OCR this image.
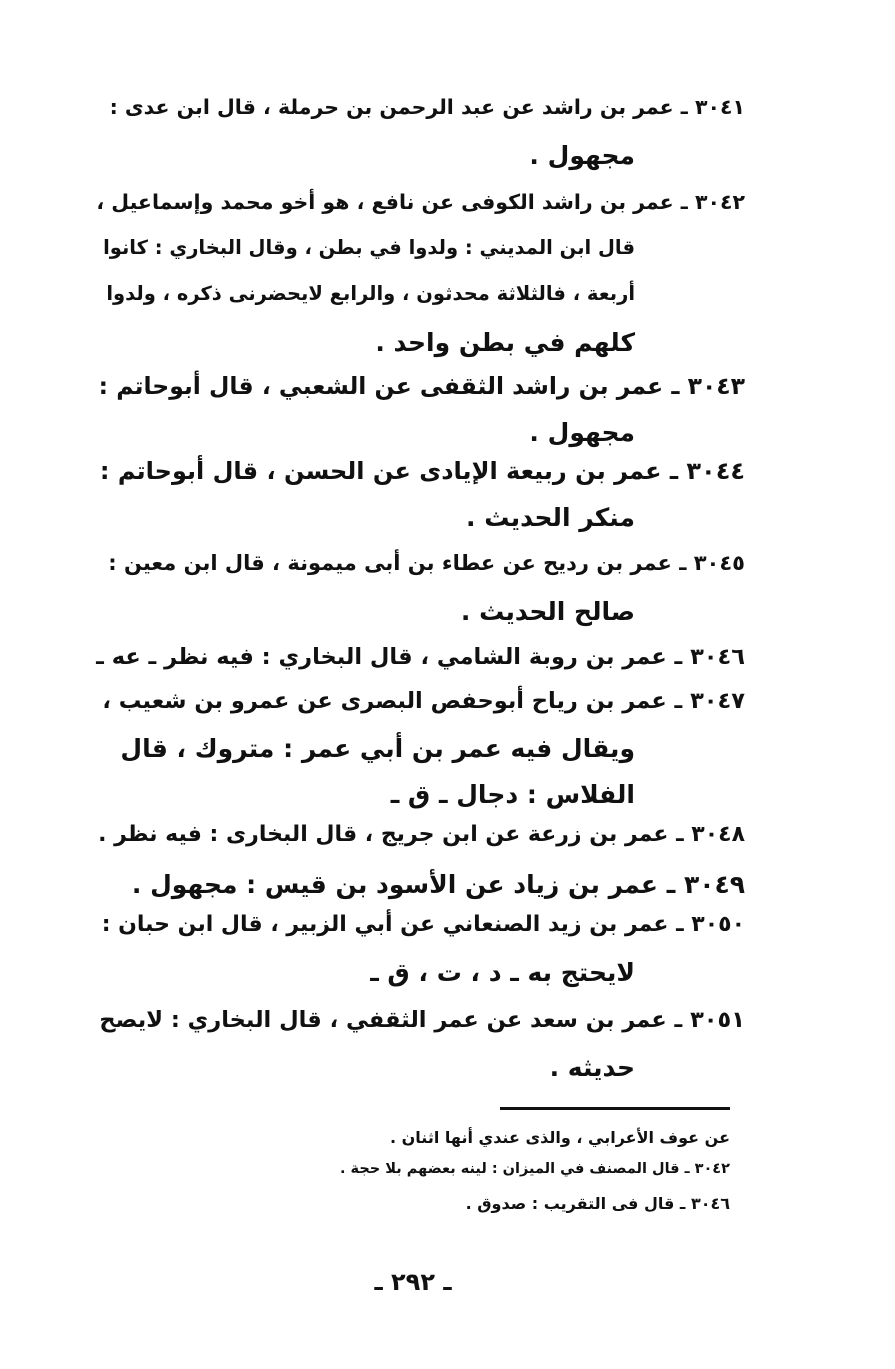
٣٠٤١ ـ عمر بن راشد عن عبد الرحمن بن حرملة ، قال ابن عدى :
مجهول .
٣٠٤٢ ـ عمر بن راشد الكوفى عن نافع ، هو أخو محمد وإسماعيل ،
قال ابن المديني : ولدوا في بطن ، وقال البخاري : كانوا
أربعة ، فالثلاثة محدثون ، والرابع لايحضرنى ذكره ، ولدوا
كلهم في بطن واحد .
٣٠٤٣ ـ عمر بن راشد الثقفى عن الشعبي ، قال أبوحاتم :
مجهول .
٣٠٤٤ ـ عمر بن ربيعة الإيادى عن الحسن ، قال أبوحاتم :
منكر الحديث .
٣٠٤٥ ـ عمر بن رديح عن عطاء بن أبى ميمونة ، قال ابن معين :
صالح الحديث .
٣٠٤٦ ـ عمر بن روبة الشامي ، قال البخاري : فيه نظر ـ عه ـ
٣٠٤٧ ـ عمر بن رياح أبوحفص البصرى عن عمرو بن شعيب ،
ويقال فيه عمر بن أبي عمر : متروك ، قال
الفلاس : دجال ـ ق ـ
٣٠٤٨ ـ عمر بن زرعة عن ابن جريج ، قال البخارى : فيه نظر .
٣٠٤٩ ـ عمر بن زياد عن الأسود بن قيس : مجهول .
٣٠٥٠ ـ عمر بن زيد الصنعاني عن أبي الزبير ، قال ابن حبان :
لايحتج به ـ د ، ت ، ق ـ
٣٠٥١ ـ عمر بن سعد عن عمر الثقفي ، قال البخاري : لايصح
حديثه .
عن عوف الأعرابي ، والذى عندي أنها اثنان .
٣٠٤٢ ـ قال المصنف في الميزان : لينه بعضهم بلا حجة .
٣٠٤٦ ـ قال فى التقريب : صدوق .
ـ ٢٩٢ ـ
